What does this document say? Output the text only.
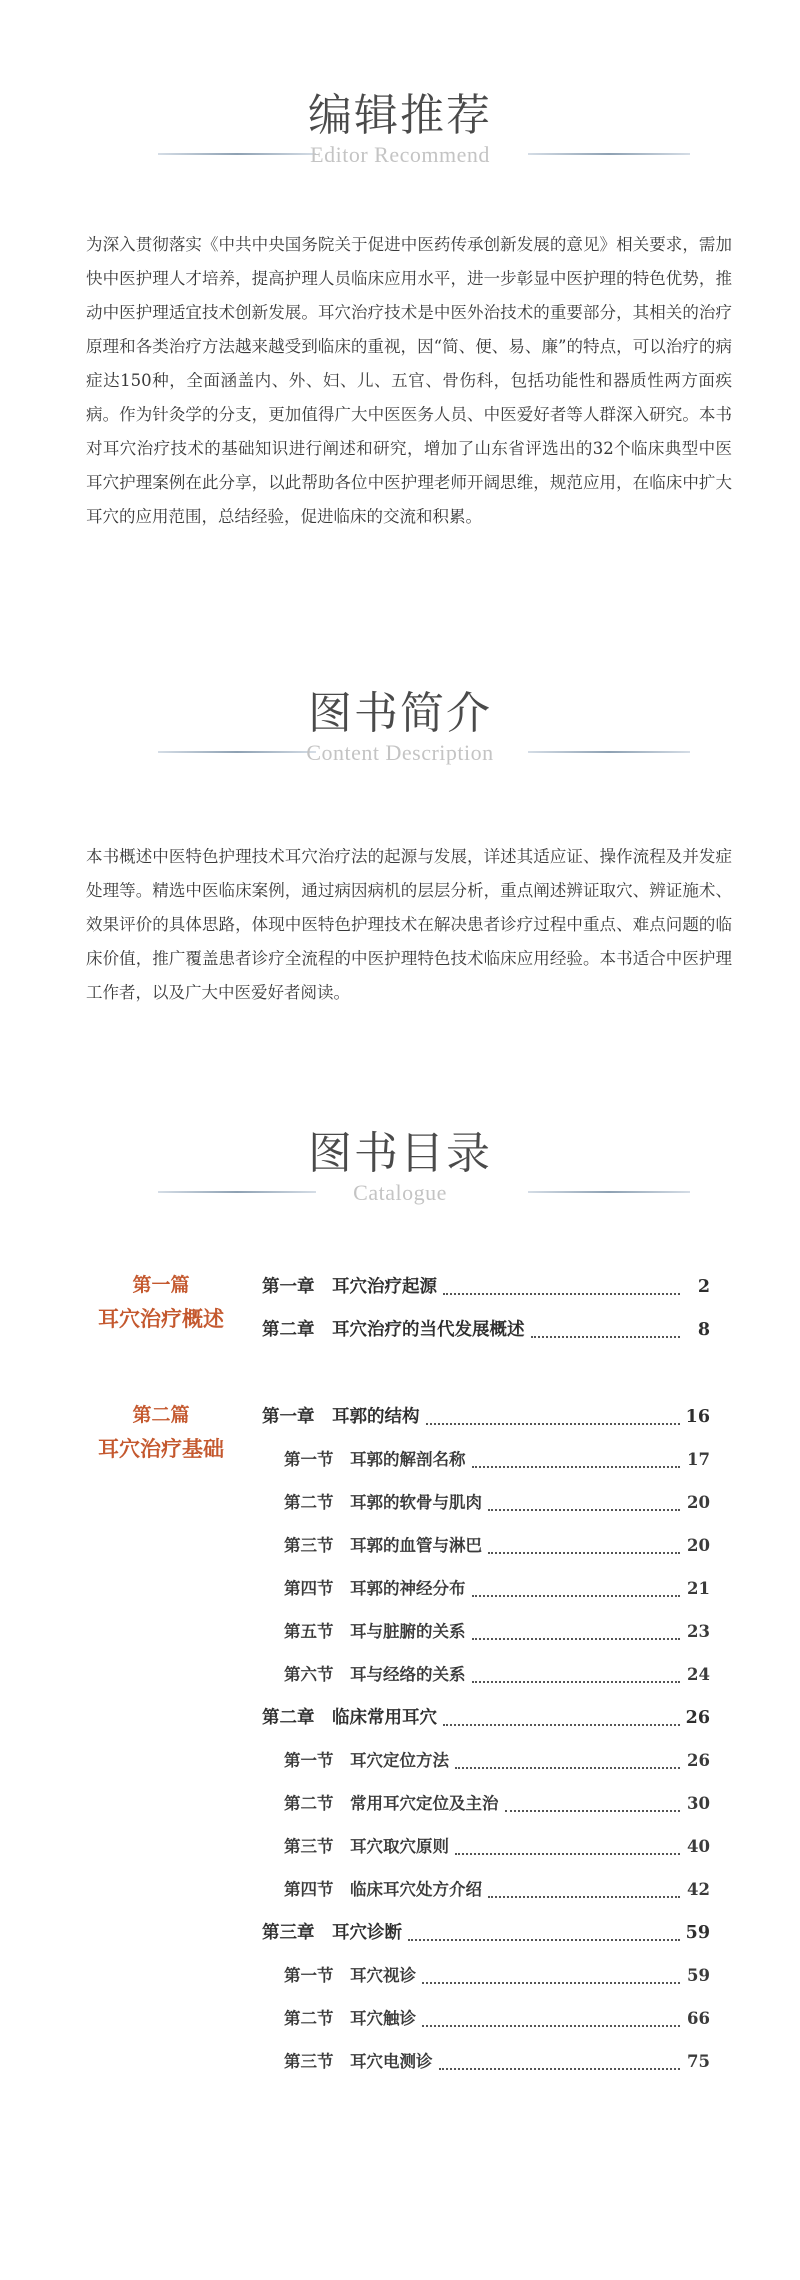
编辑推荐
Editor Recommend
为深入贯彻落实《中共中央国务院关于促进中医药传承创新发展的意见》相关要求，需加快中医护理人才培养，提高护理人员临床应用水平，进一步彰显中医护理的特色优势，推动中医护理适宜技术创新发展。耳穴治疗技术是中医外治技术的重要部分，其相关的治疗原理和各类治疗方法越来越受到临床的重视，因“简、便、易、廉”的特点，可以治疗的病症达150种，全面涵盖内、外、妇、儿、五官、骨伤科，包括功能性和器质性两方面疾病。作为针灸学的分支，更加值得广大中医医务人员、中医爱好者等人群深入研究。本书对耳穴治疗技术的基础知识进行阐述和研究，增加了山东省评选出的32个临床典型中医耳穴护理案例在此分享，以此帮助各位中医护理老师开阔思维，规范应用，在临床中扩大耳穴的应用范围，总结经验，促进临床的交流和积累。
图书简介
Content Description
本书概述中医特色护理技术耳穴治疗法的起源与发展，详述其适应证、操作流程及并发症处理等。精选中医临床案例，通过病因病机的层层分析，重点阐述辨证取穴、辨证施术、效果评价的具体思路，体现中医特色护理技术在解决患者诊疗过程中重点、难点问题的临床价值，推广覆盖患者诊疗全流程的中医护理特色技术临床应用经验。本书适合中医护理工作者，以及广大中医爱好者阅读。
图书目录
Catalogue
第一篇
耳穴治疗概述
第一章　耳穴治疗起源	2
第二章　耳穴治疗的当代发展概述	8
第二篇
耳穴治疗基础
第一章　耳郭的结构	16
第一节　耳郭的解剖名称	17
第二节　耳郭的软骨与肌肉	20
第三节　耳郭的血管与淋巴	20
第四节　耳郭的神经分布	21
第五节　耳与脏腑的关系	23
第六节　耳与经络的关系	24
第二章　临床常用耳穴	26
第一节　耳穴定位方法	26
第二节　常用耳穴定位及主治	30
第三节　耳穴取穴原则	40
第四节　临床耳穴处方介绍	42
第三章　耳穴诊断	59
第一节　耳穴视诊	59
第二节　耳穴触诊	66
第三节　耳穴电测诊	75
